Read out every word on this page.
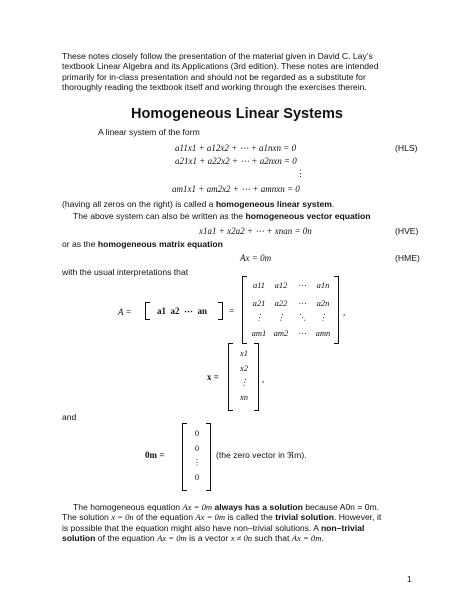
These notes closely follow the presentation of the material given in David C. Lay’s
textbook Linear Algebra and its Applications (3rd edition). These notes are intended
primarily for in-class presentation and should not be regarded as a substitute for
thoroughly reading the textbook itself and working through the exercises therein.
Homogeneous Linear Systems
A linear system of the form
a11x1 + a12x2 + ⋯ + a1nxn = 0	(HLS)
a21x1 + a22x2 + ⋯ + a2nxn = 0
⋮
am1x1 + am2x2 + ⋯ + amnxn = 0
(having all zeros on the right) is called a homogeneous linear system.
The above system can also be written as the homogeneous vector equation
x1a1 + x2a2 + ⋯ + xnan = 0n	(HVE)
or as the homogeneous matrix equation
Ax = 0m	(HME)
with the usual interpretations that
A =	a1  a2  ⋯  an =
a11 a12 ⋯ a1n
a21 a22 ⋯ a2n
⋮ ⋮ ⋱ ⋮
am1 am2 ⋯ amn
,
x =
x1
x2
⋮
xn
,
and
0m =
0
0
⋮
0
(the zero vector in ℜm).
The homogeneous equation Ax = 0m always has a solution because A0n = 0m.
The solution x = 0n of the equation Ax = 0m is called the trivial solution. However, it
is possible that the equation might also have non–trivial solutions. A non–trivial
solution of the equation Ax = 0m is a vector x ≠ 0n such that Ax = 0m.
1
